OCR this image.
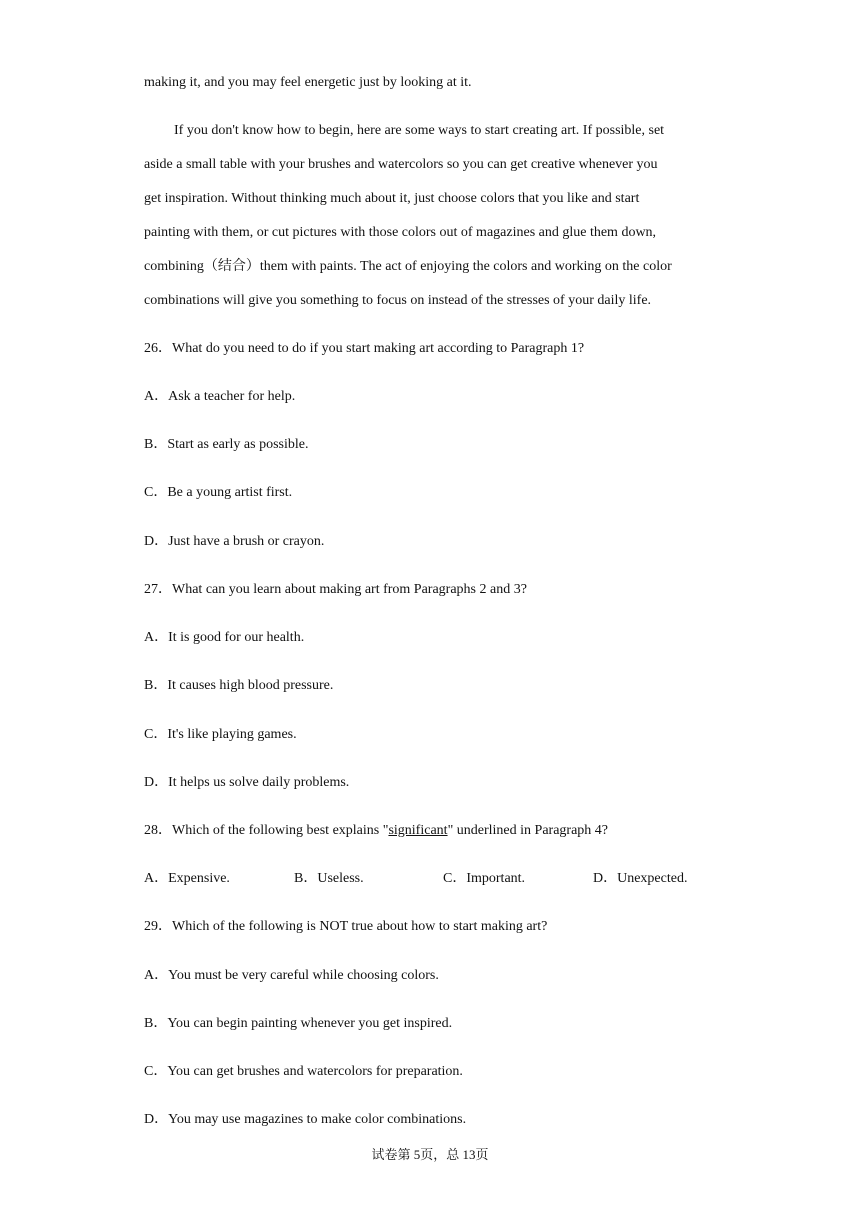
making it, and you may feel energetic just by looking at it.
If you don't know how to begin, here are some ways to start creating art. If possible, set
aside a small table with your brushes and watercolors so you can get creative whenever you
get inspiration. Without thinking much about it, just choose colors that you like and start
painting with them, or cut pictures with those colors out of magazines and glue them down,
combining（结合）them with paints. The act of enjoying the colors and working on the color
combinations will give you something to focus on instead of the stresses of your daily life.
26．What do you need to do if you start making art according to Paragraph 1?
A．Ask a teacher for help.
B．Start as early as possible.
C．Be a young artist first.
D．Just have a brush or crayon.
27．What can you learn about making art from Paragraphs 2 and 3?
A．It is good for our health.
B．It causes high blood pressure.
C．It's like playing games.
D．It helps us solve daily problems.
28．Which of the following best explains "significant" underlined in Paragraph 4?
A．Expensive.	B．Useless.	C．Important.	D．Unexpected.
29．Which of the following is NOT true about how to start making art?
A．You must be very careful while choosing colors.
B．You can begin painting whenever you get inspired.
C．You can get brushes and watercolors for preparation.
D．You may use magazines to make color combinations.
试卷第 5页，总 13页
